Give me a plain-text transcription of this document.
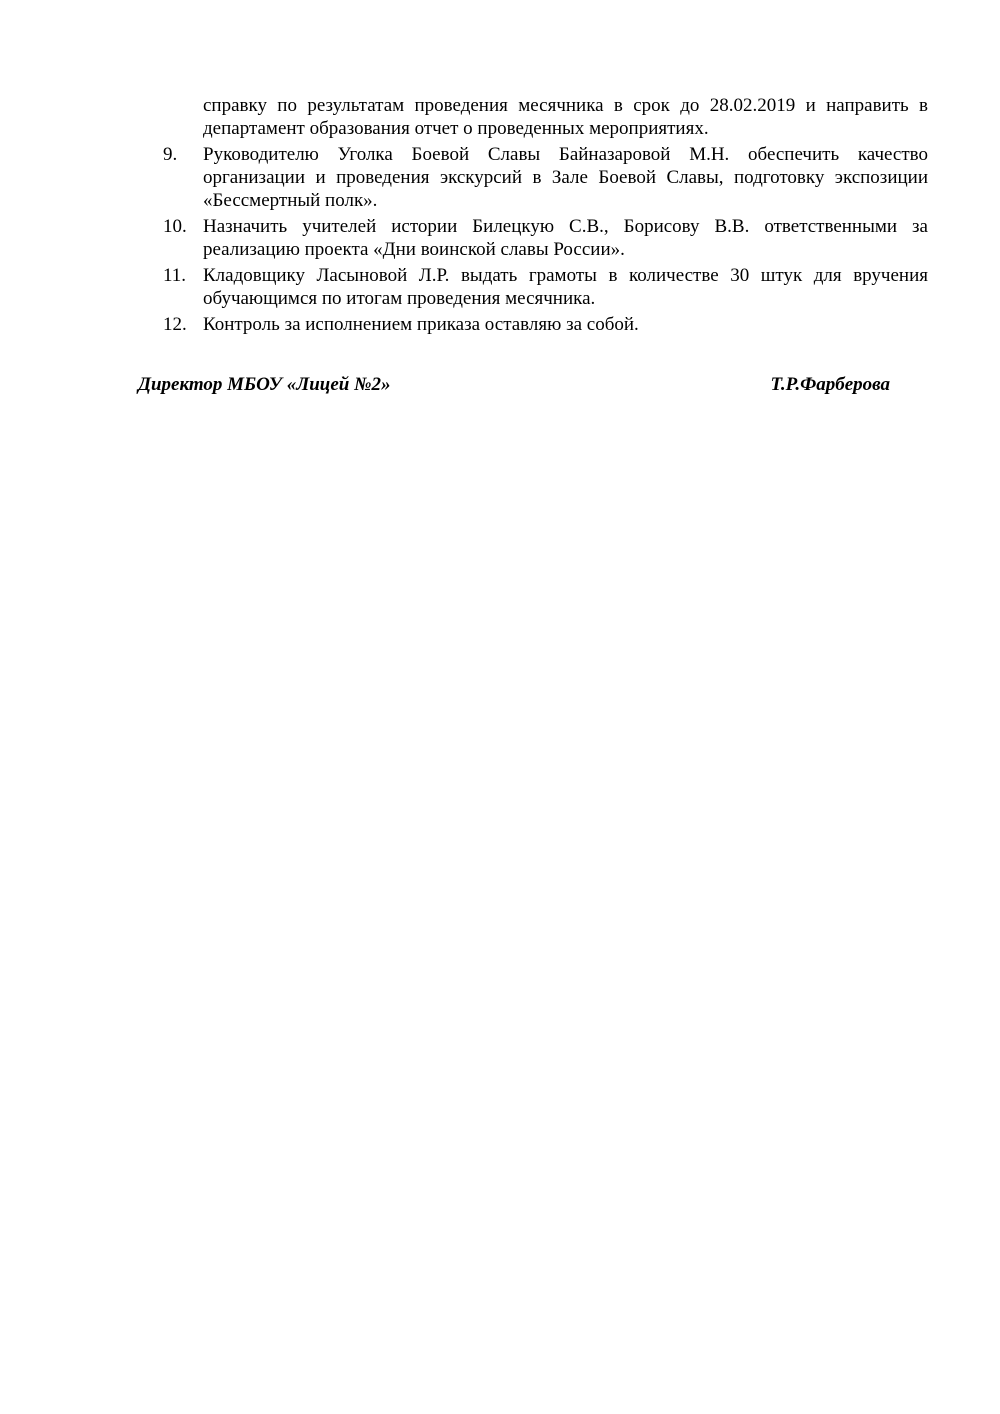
справку по результатам проведения месячника в срок до 28.02.2019 и направить в департамент образования отчет о проведенных мероприятиях.

9.	Руководителю Уголка Боевой Славы Байназаровой М.Н. обеспечить качество организации и проведения экскурсий в Зале Боевой Славы, подготовку экспозиции «Бессмертный полк».
10. Назначить учителей истории Билецкую С.В., Борисову В.В. ответственными за реализацию проекта «Дни воинской славы России».
11. Кладовщику Ласыновой Л.Р. выдать грамоты в количестве 30 штук для вручения обучающимся по итогам проведения месячника.
12. Контроль за исполнением приказа оставляю за собой.
Директор МБОУ «Лицей №2»	Т.Р.Фарберова
